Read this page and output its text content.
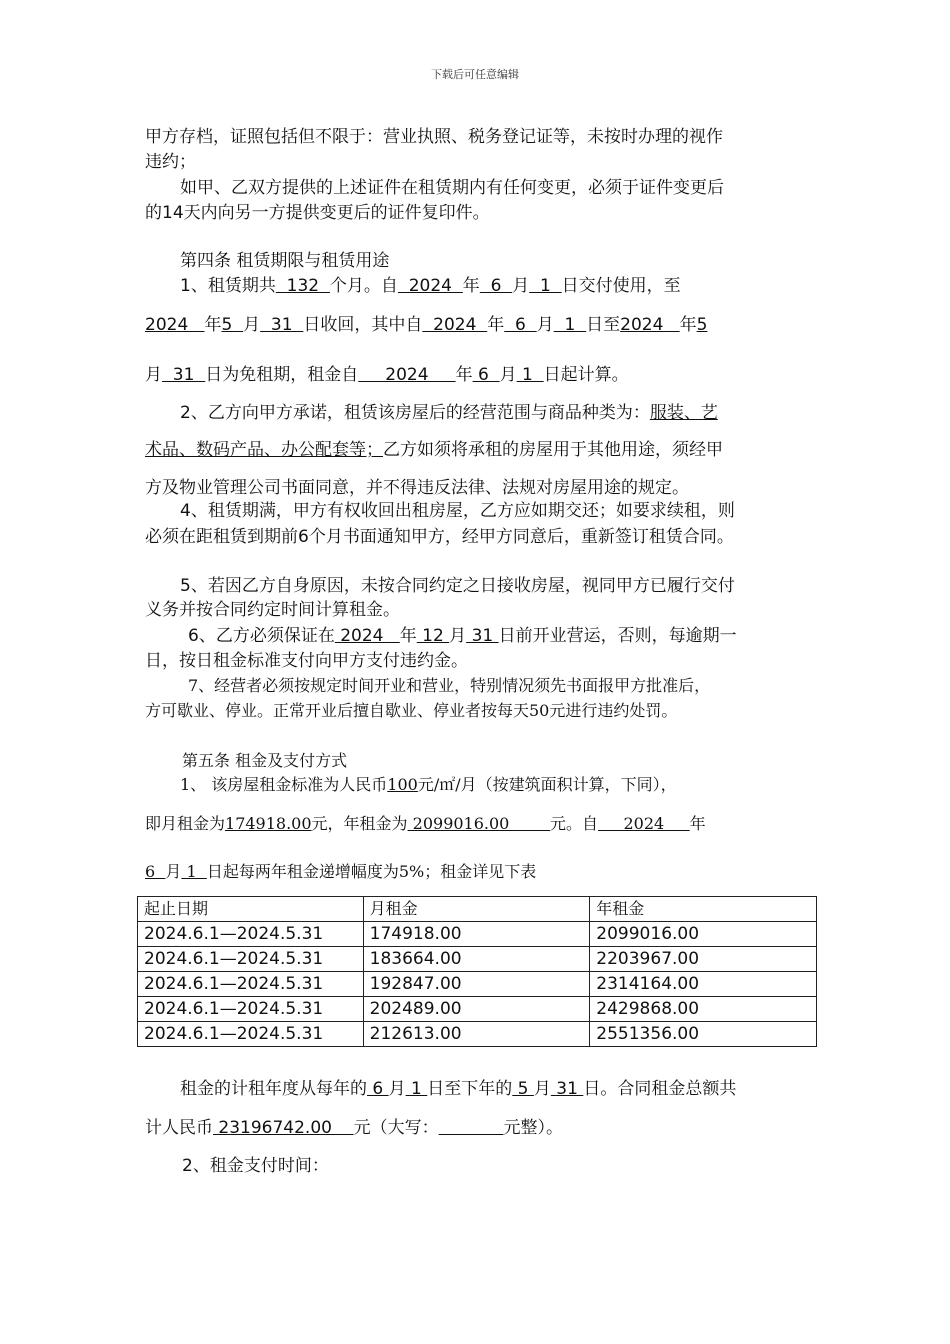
下载后可任意编辑
甲方存档，证照包括但不限于：营业执照、税务登记证等，未按时办理的视作
违约；
如甲、乙双方提供的上述证件在租赁期内有任何变更，必须于证件变更后
的14天内向另一方提供变更后的证件复印件。
第四条 租赁期限与租赁用途
1、租赁期共  132  个月。自  2024  年  6  月  1  日交付使用，至
2024   年5  月  31  日收回，其中自  2024  年  6  月  1  日至2024   年5
月  31  日为免租期，租金自     2024     年 6  月 1  日起计算。
2、乙方向甲方承诺，租赁该房屋后的经营范围与商品种类为：服装、艺
术品、数码产品、办公配套等；乙方如须将承租的房屋用于其他用途，须经甲
方及物业管理公司书面同意，并不得违反法律、法规对房屋用途的规定。
4、租赁期满，甲方有权收回出租房屋，乙方应如期交还；如要求续租，则
必须在距租赁到期前6个月书面通知甲方，经甲方同意后，重新签订租赁合同。
5、若因乙方自身原因，未按合同约定之日接收房屋，视同甲方已履行交付
义务并按合同约定时间计算租金。
6、乙方必须保证在 2024   年 12 月 31 日前开业营运，否则，每逾期一
日，按日租金标准支付向甲方支付违约金。
7、经营者必须按规定时间开业和营业，特别情况须先书面报甲方批准后，
方可歇业、停业。正常开业后擅自歇业、停业者按每天50元进行违约处罚。
第五条 租金及支付方式
1、 该房屋租金标准为人民币100元/㎡/月（按建筑面积计算，下同），
即月租金为174918.00元，年租金为 2099016.00        元。自     2024     年
6  月 1  日起每两年租金递增幅度为5%；租金详见下表
起止日期	月租金	年租金
2024.6.1—2024.5.31	174918.00	2099016.00
2024.6.1—2024.5.31	183664.00	2203967.00
2024.6.1—2024.5.31	192847.00	2314164.00
2024.6.1—2024.5.31	202489.00	2429868.00
2024.6.1—2024.5.31	212613.00	2551356.00
租金的计租年度从每年的 6 月 1 日至下年的 5 月 31 日。合同租金总额共
计人民币 23196742.00    元（大写：	元整）。
2、租金支付时间：
